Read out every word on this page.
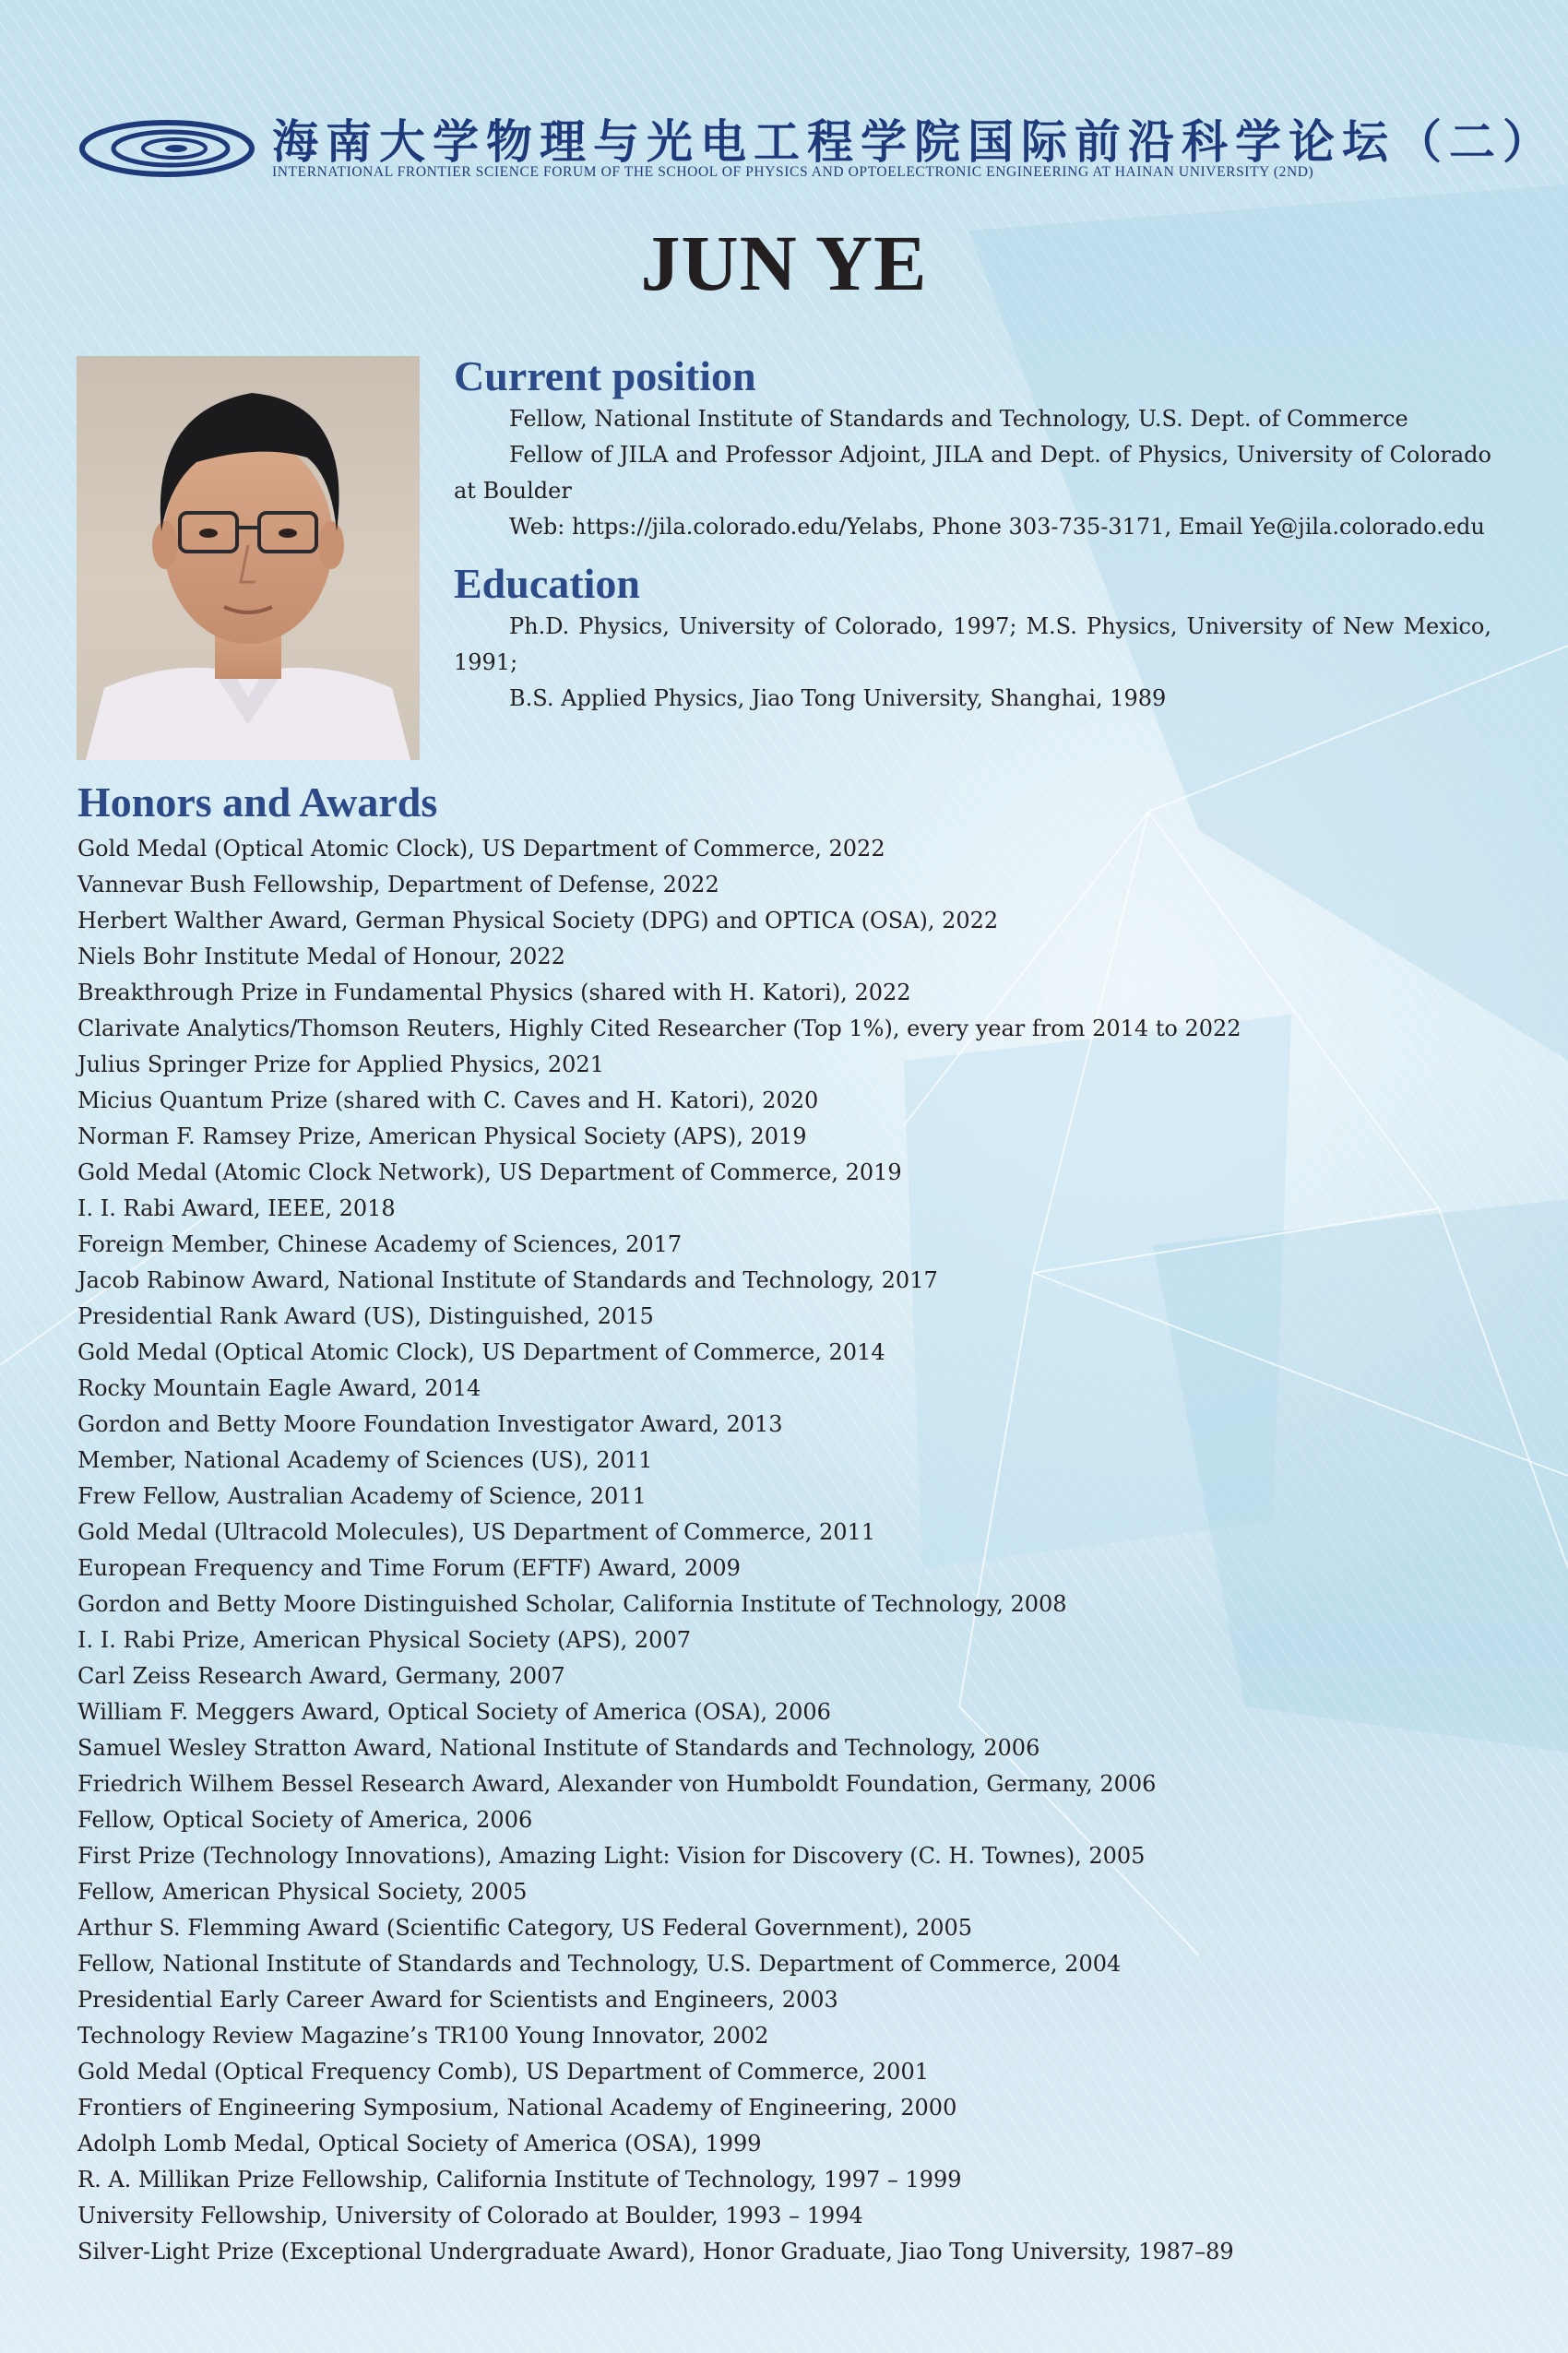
海南大学物理与光电工程学院国际前沿科学论坛（二）
INTERNATIONAL FRONTIER SCIENCE FORUM OF THE SCHOOL OF PHYSICS AND OPTOELECTRONIC ENGINEERING AT HAINAN UNIVERSITY (2ND)
JUN YE
Current position

Fellow, National Institute of Standards and Technology, U.S. Dept. of Commerce

Fellow of JILA and Professor Adjoint, JILA and Dept. of Physics, University of Colorado at Boulder

Web: https://jila.colorado.edu/Yelabs, Phone 303-735-3171, Email Ye@jila.colorado.edu

Education

Ph.D. Physics, University of Colorado, 1997; M.S. Physics, University of New Mexico, 1991;

B.S. Applied Physics, Jiao Tong University, Shanghai, 1989

Honors and Awards
Gold Medal (Optical Atomic Clock), US Department of Commerce, 2022
Vannevar Bush Fellowship, Department of Defense, 2022
Herbert Walther Award, German Physical Society (DPG) and OPTICA (OSA), 2022
Niels Bohr Institute Medal of Honour, 2022
Breakthrough Prize in Fundamental Physics (shared with H. Katori), 2022
Clarivate Analytics/Thomson Reuters, Highly Cited Researcher (Top 1%), every year from 2014 to 2022
Julius Springer Prize for Applied Physics, 2021
Micius Quantum Prize (shared with C. Caves and H. Katori), 2020
Norman F. Ramsey Prize, American Physical Society (APS), 2019
Gold Medal (Atomic Clock Network), US Department of Commerce, 2019
I. I. Rabi Award, IEEE, 2018
Foreign Member, Chinese Academy of Sciences, 2017
Jacob Rabinow Award, National Institute of Standards and Technology, 2017
Presidential Rank Award (US), Distinguished, 2015
Gold Medal (Optical Atomic Clock), US Department of Commerce, 2014
Rocky Mountain Eagle Award, 2014
Gordon and Betty Moore Foundation Investigator Award, 2013
Member, National Academy of Sciences (US), 2011
Frew Fellow, Australian Academy of Science, 2011
Gold Medal (Ultracold Molecules), US Department of Commerce, 2011
European Frequency and Time Forum (EFTF) Award, 2009
Gordon and Betty Moore Distinguished Scholar, California Institute of Technology, 2008
I. I. Rabi Prize, American Physical Society (APS), 2007
Carl Zeiss Research Award, Germany, 2007
William F. Meggers Award, Optical Society of America (OSA), 2006
Samuel Wesley Stratton Award, National Institute of Standards and Technology, 2006
Friedrich Wilhem Bessel Research Award, Alexander von Humboldt Foundation, Germany, 2006
Fellow, Optical Society of America, 2006
First Prize (Technology Innovations), Amazing Light: Vision for Discovery (C. H. Townes), 2005
Fellow, American Physical Society, 2005
Arthur S. Flemming Award (Scientific Category, US Federal Government), 2005
Fellow, National Institute of Standards and Technology, U.S. Department of Commerce, 2004
Presidential Early Career Award for Scientists and Engineers, 2003
Technology Review Magazine’s TR100 Young Innovator, 2002
Gold Medal (Optical Frequency Comb), US Department of Commerce, 2001
Frontiers of Engineering Symposium, National Academy of Engineering, 2000
Adolph Lomb Medal, Optical Society of America (OSA), 1999
R. A. Millikan Prize Fellowship, California Institute of Technology, 1997 – 1999
University Fellowship, University of Colorado at Boulder, 1993 – 1994
Silver-Light Prize (Exceptional Undergraduate Award), Honor Graduate, Jiao Tong University, 1987–89
